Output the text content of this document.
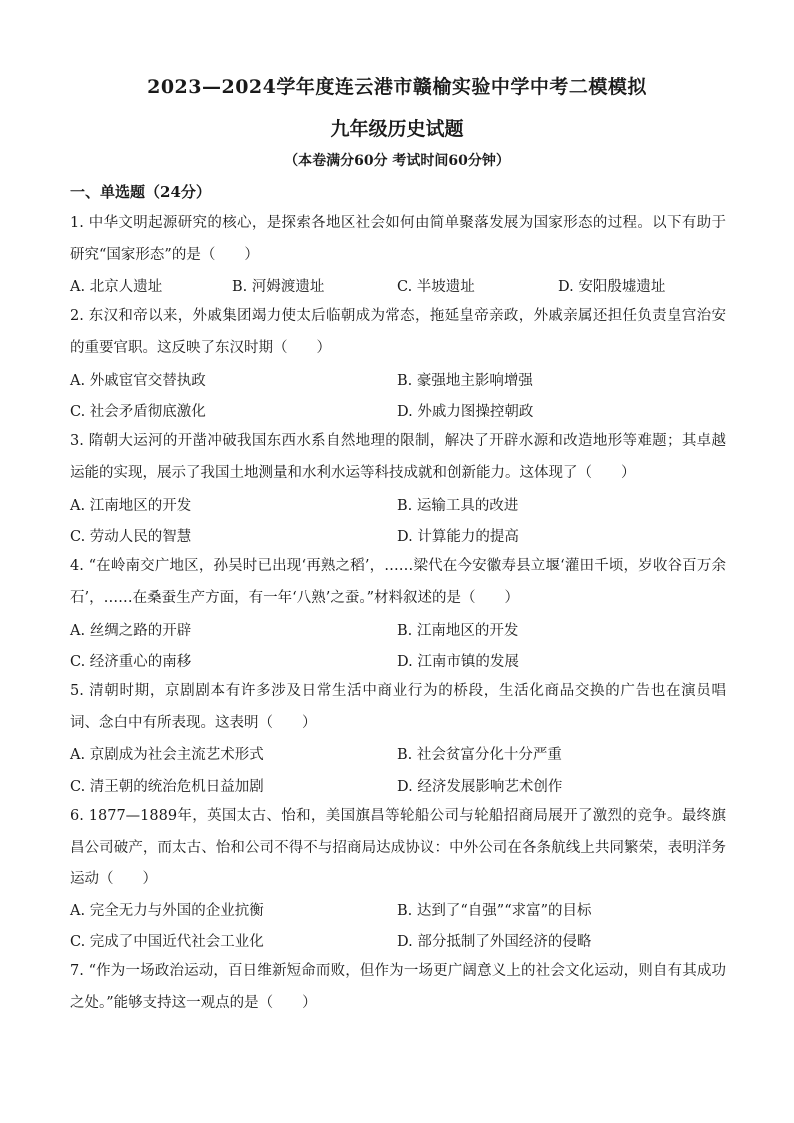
2023—2024学年度连云港市赣榆实验中学中考二模模拟
九年级历史试题
（本卷满分60分 考试时间60分钟）
一、单选题（24分）

1. 中华文明起源研究的核心，是探索各地区社会如何由简单聚落发展为国家形态的过程。以下有助于研究“国家形态”的是（　　）

A. 北京人遗址	B. 河姆渡遗址	C. 半坡遗址	D. 安阳殷墟遗址

2. 东汉和帝以来，外戚集团竭力使太后临朝成为常态，拖延皇帝亲政，外戚亲属还担任负责皇宫治安的重要官职。这反映了东汉时期（　　）

A. 外戚宦官交替执政	B. 豪强地主影响增强
C. 社会矛盾彻底激化	D. 外戚力图操控朝政

3. 隋朝大运河的开凿冲破我国东西水系自然地理的限制，解决了开辟水源和改造地形等难题；其卓越运能的实现，展示了我国土地测量和水利水运等科技成就和创新能力。这体现了（　　）

A. 江南地区的开发	B. 运输工具的改进
C. 劳动人民的智慧	D. 计算能力的提高

4. “在岭南交广地区，孙吴时已出现‘再熟之稻’，……梁代在今安徽寿县立堰‘灌田千顷，岁收谷百万余石’，……在桑蚕生产方面，有一年‘八熟’之蚕。”材料叙述的是（　　）

A. 丝绸之路的开辟	B. 江南地区的开发
C. 经济重心的南移	D. 江南市镇的发展

5. 清朝时期，京剧剧本有许多涉及日常生活中商业行为的桥段，生活化商品交换的广告也在演员唱词、念白中有所表现。这表明（　　）

A. 京剧成为社会主流艺术形式	B. 社会贫富分化十分严重
C. 清王朝的统治危机日益加剧	D. 经济发展影响艺术创作

6. 1877—1889年，英国太古、怡和，美国旗昌等轮船公司与轮船招商局展开了激烈的竞争。最终旗昌公司破产，而太古、怡和公司不得不与招商局达成协议：中外公司在各条航线上共同繁荣，表明洋务运动（　　）

A. 完全无力与外国的企业抗衡	B. 达到了“自强”“求富”的目标
C. 完成了中国近代社会工业化	D. 部分抵制了外国经济的侵略

7. “作为一场政治运动，百日维新短命而败，但作为一场更广阔意义上的社会文化运动，则自有其成功之处。”能够支持这一观点的是（　　）
